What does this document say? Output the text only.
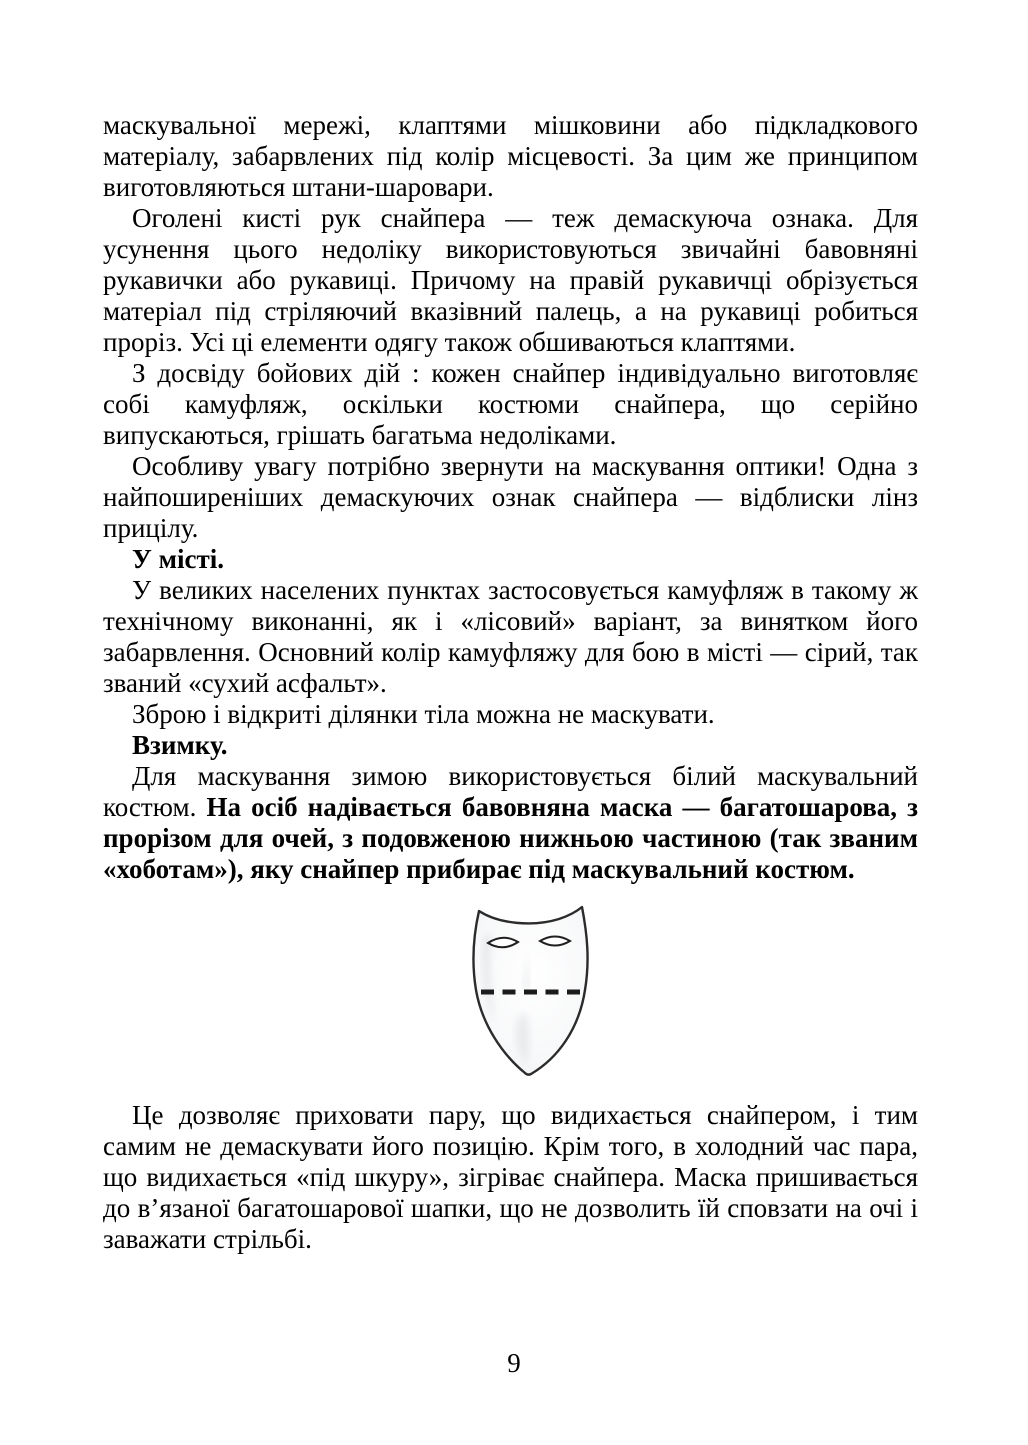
маскувальної мережі, клаптями мішковини або підкладкового матеріалу, забарвлених під колір місцевості. За цим же принципом виготовляються штани-шаровари.

Оголені кисті рук снайпера — теж демаскуюча ознака. Для усунення цього недоліку використовуються звичайні бавовняні рукавички або рукавиці. Причому на правій рукавичці обрізується матеріал під стріляючий вказівний палець, а на рукавиці робиться проріз. Усі ці елементи одягу також обшиваються клаптями.

З досвіду бойових дій : кожен снайпер індивідуально виготовляє собі камуфляж, оскільки костюми снайпера, що серійно випускаються, грішать багатьма недоліками.

Особливу увагу потрібно звернути на маскування оптики! Одна з найпоширеніших демаскуючих ознак снайпера — відблиски лінз прицілу.

У місті.

У великих населених пунктах застосовується камуфляж в такому ж технічному виконанні, як і «лісовий» варіант, за винятком його забарвлення. Основний колір камуфляжу для бою в місті — сірий, так званий «сухий асфальт».

Зброю і відкриті ділянки тіла можна не маскувати.

Взимку.

Для маскування зимою використовується білий маскувальний костюм. На осіб надівається бавовняна маска — багатошарова, з прорізом для очей, з подовженою нижньою частиною (так званим «хоботам»), яку снайпер прибирає під маскувальний костюм.

Це дозволяє приховати пару, що видихається снайпером, і тим самим не демаскувати його позицію. Крім того, в холодний час пара, що видихається «під шкуру», зігріває снайпера. Маска пришивається до в’язаної багатошарової шапки, що не дозволить їй сповзати на очі і заважати стрільбі.

9
